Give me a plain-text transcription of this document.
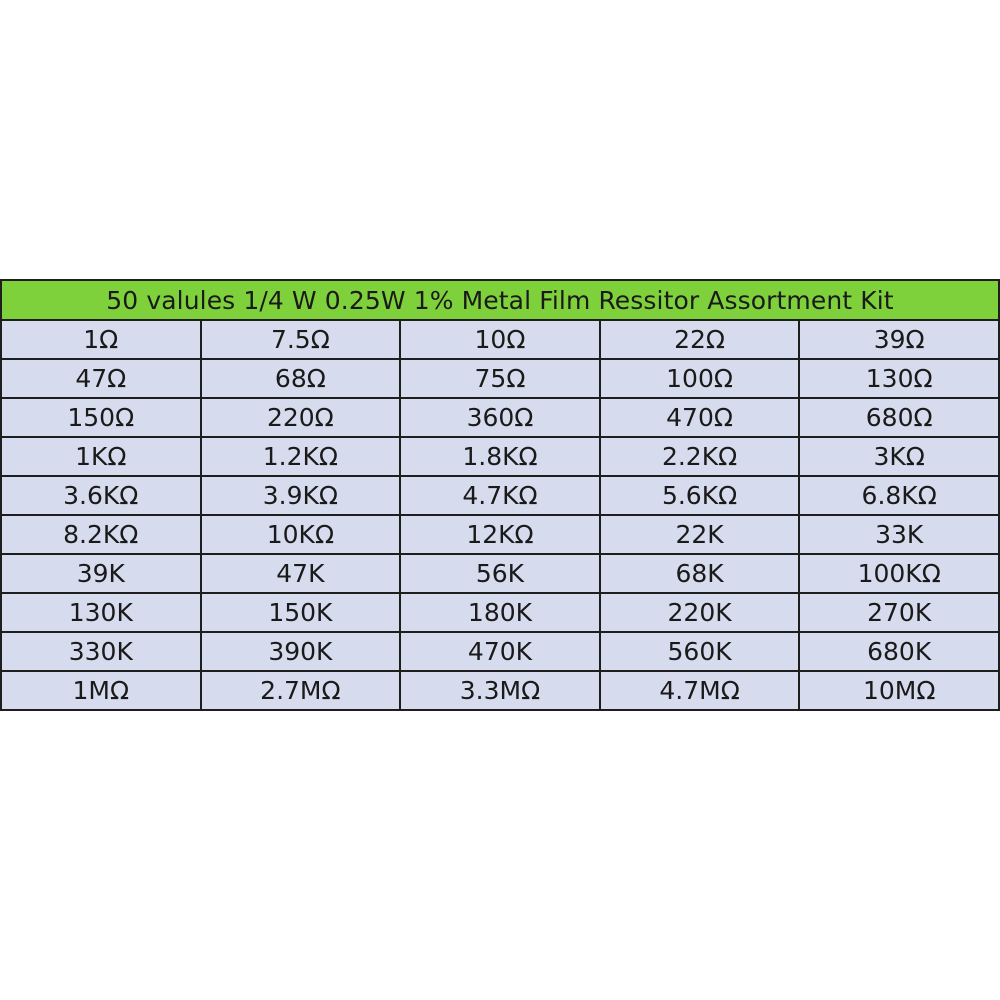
50 valules 1/4 W 0.25W 1% Metal Film Ressitor Assortment Kit				
1Ω	7.5Ω	10Ω	22Ω	39Ω
47Ω	68Ω	75Ω	100Ω	130Ω
150Ω	220Ω	360Ω	470Ω	680Ω
1KΩ	1.2KΩ	1.8KΩ	2.2KΩ	3KΩ
3.6KΩ	3.9KΩ	4.7KΩ	5.6KΩ	6.8KΩ
8.2KΩ	10KΩ	12KΩ	22K	33K
39K	47K	56K	68K	100KΩ
130K	150K	180K	220K	270K
330K	390K	470K	560K	680K
1MΩ	2.7MΩ	3.3MΩ	4.7MΩ	10MΩ
